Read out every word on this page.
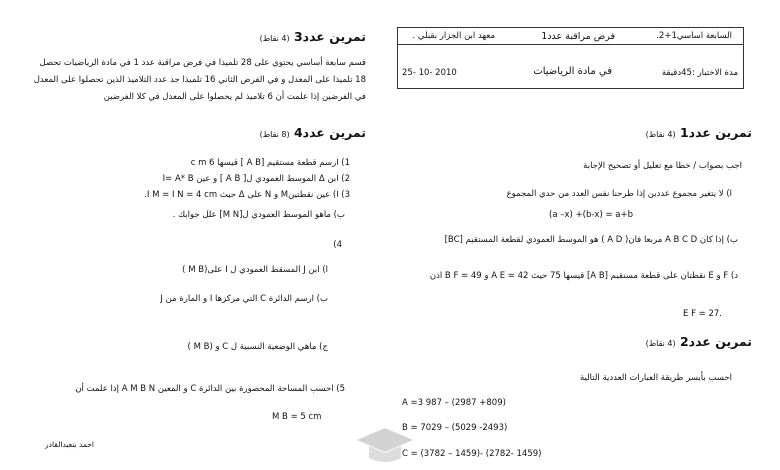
السابعة اساسي1+2.
فرض مراقبة عدد1
معهد ابن الجزار بقبلي .
مدة الاختبار :45دقيقة
في مادة الرياضيات
25- 10- 2010
تمرين عدد1 (4 نقاط)
اجب بصواب / خطا مع تعليل أو تصحيح الإجابة
ا) لا يتغير مجموع عددين إذا طرحنا نفس العدد من حدي المجموع
(a –x) +(b-x) = a+b
ب) إذا كان A B C D مربعا فان( A D ) هو الموسط العمودي لقطعة المستقيم [BC]
د) F و E نقطتان على قطعة مستقيم [A B] قيسها 75 حيث A E = 42 و B F = 49 اذن
E F = 27.
تمرين عدد2 (4 نقاط)
احسب بأيسر طريقة العبارات العددية التالية
A =3 987 – (2987 +809)
B = 7029 – (5029 -2493)
C = (3782 – 1459)- (2782- 1459)
تمرين عدد3 (4 نقاط)
قسم سابعة أساسي يحتوي على 28 تلميذا في فرض مراقبة عدد 1 في مادة الرياضيات تحصل
18 تلميذا على المعدل و في الفرض الثاني 16 تلميذا جد عدد التلاميذ الذين تحصلوا على المعدل
في الفرضين إذا علمت أن 6 تلاميذ لم يحصلوا على المعدل في كلا الفرضين
تمرين عدد4 (8 نقاط)
1) ارسم قطعة مستقيم [A B ] قيسها 6 c m
2) ابن Δ الموسط العمودي ل[ A B ] و عين I= A* B
3) ا) عين نقطتينM و N على Δ حيث I M = I N = 4 cm.
ب) ماهو الموسط العمودي ل[M N] علل جوابك .
4)
ا) ابن J المسقط العمودي ل I على(M B )
ب) ارسم الدائرة C التي مركزها I و المارة من J
ج) ماهي الوضعية النسبية ل C و (M B )
5) احسب المساحة المحصورة بين الدائرة C و المعين A M B N إذا علمت أن
M B = 5 cm
احمد بنعبدالقادر
